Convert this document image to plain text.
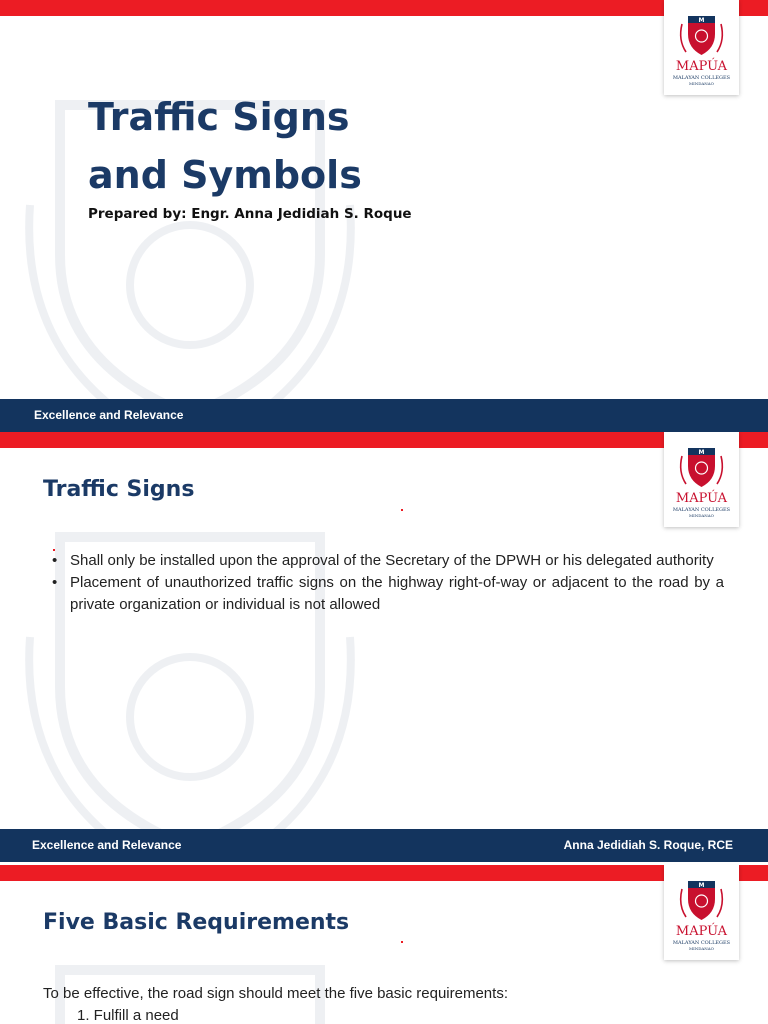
Traffic Signs
and Symbols
Prepared by: Engr. Anna Jedidiah S. Roque
M
MAPÚA
MALAYAN COLLEGES
MINDANAO
Excellence and Relevance
Traffic Signs
• Shall only be installed upon the approval of the Secretary of the DPWH or his delegated authority
• Placement of unauthorized traffic signs on the highway right-of-way or adjacent to the road by a private organization or individual is not allowed
M
MAPÚA
MALAYAN COLLEGES
MINDANAO
Excellence and Relevance	Anna Jedidiah S. Roque, RCE
Five Basic Requirements
To be effective, the road sign should meet the five basic requirements:
1. Fulfill a need
M
MAPÚA
MALAYAN COLLEGES
MINDANAO
